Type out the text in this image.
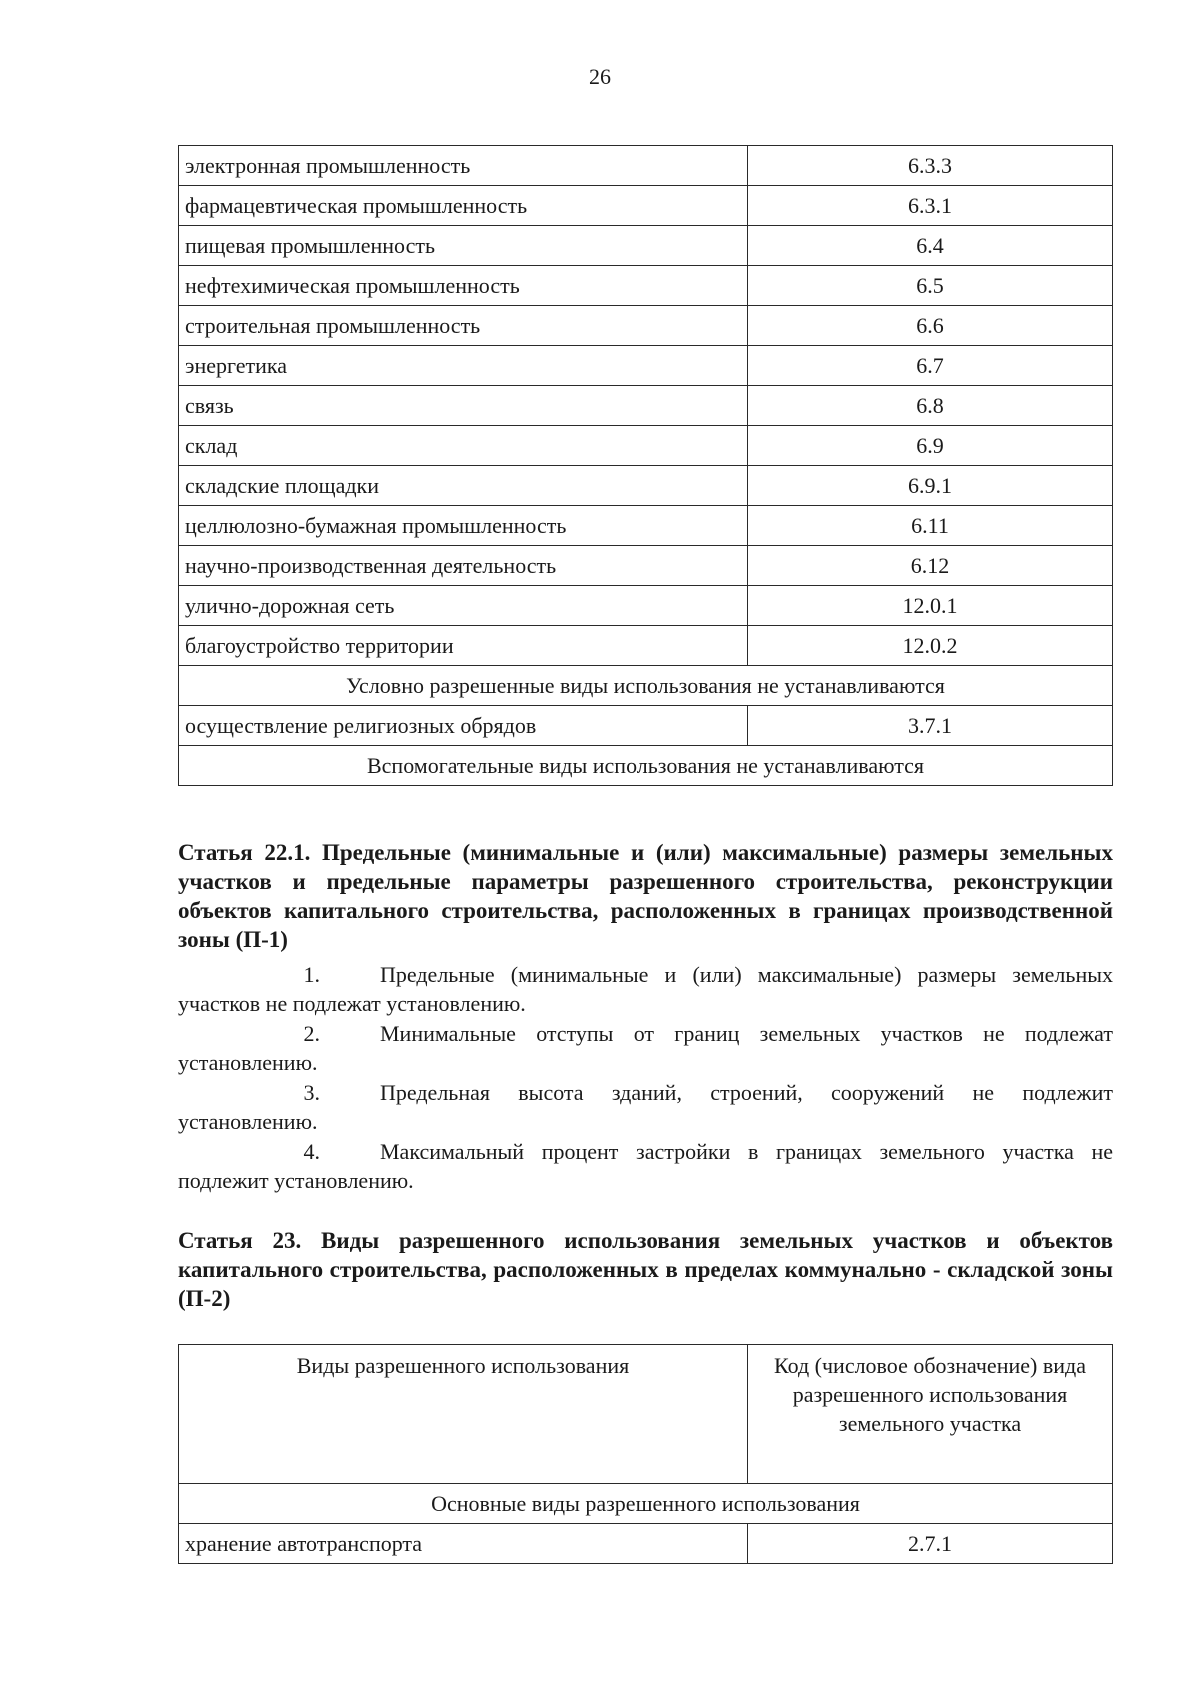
26
электронная промышленность	6.3.3
фармацевтическая промышленность	6.3.1
пищевая промышленность	6.4
нефтехимическая промышленность	6.5
строительная промышленность	6.6
энергетика	6.7
связь	6.8
склад	6.9
складские площадки	6.9.1
целлюлозно-бумажная промышленность	6.11
научно-производственная деятельность	6.12
улично-дорожная сеть	12.0.1
благоустройство территории	12.0.2
Условно разрешенные виды использования не устанавливаются	
осуществление религиозных обрядов	3.7.1
Вспомогательные виды использования не устанавливаются	
Статья 22.1. Предельные (минимальные и (или) максимальные) размеры земельных участков и предельные параметры разрешенного строительства, реконструкции объектов капитального строительства, расположенных в границах производственной зоны (П-1)

1.	Предельные (минимальные и (или) максимальные) размеры земельных участков не подлежат установлению.

2.	Минимальные отступы от границ земельных участков не подлежат установлению.

3.	Предельная высота зданий, строений, сооружений не подлежит установлению.

4.	Максимальный процент застройки в границах земельного участка не подлежит установлению.

Статья 23. Виды разрешенного использования земельных участков и объектов капитального строительства, расположенных в пределах коммунально - складской зоны (П-2)
Виды разрешенного использования	Код (числовое обозначение) вида разрешенного использования земельного участка
Основные виды разрешенного использования	
хранение автотранспорта	2.7.1
